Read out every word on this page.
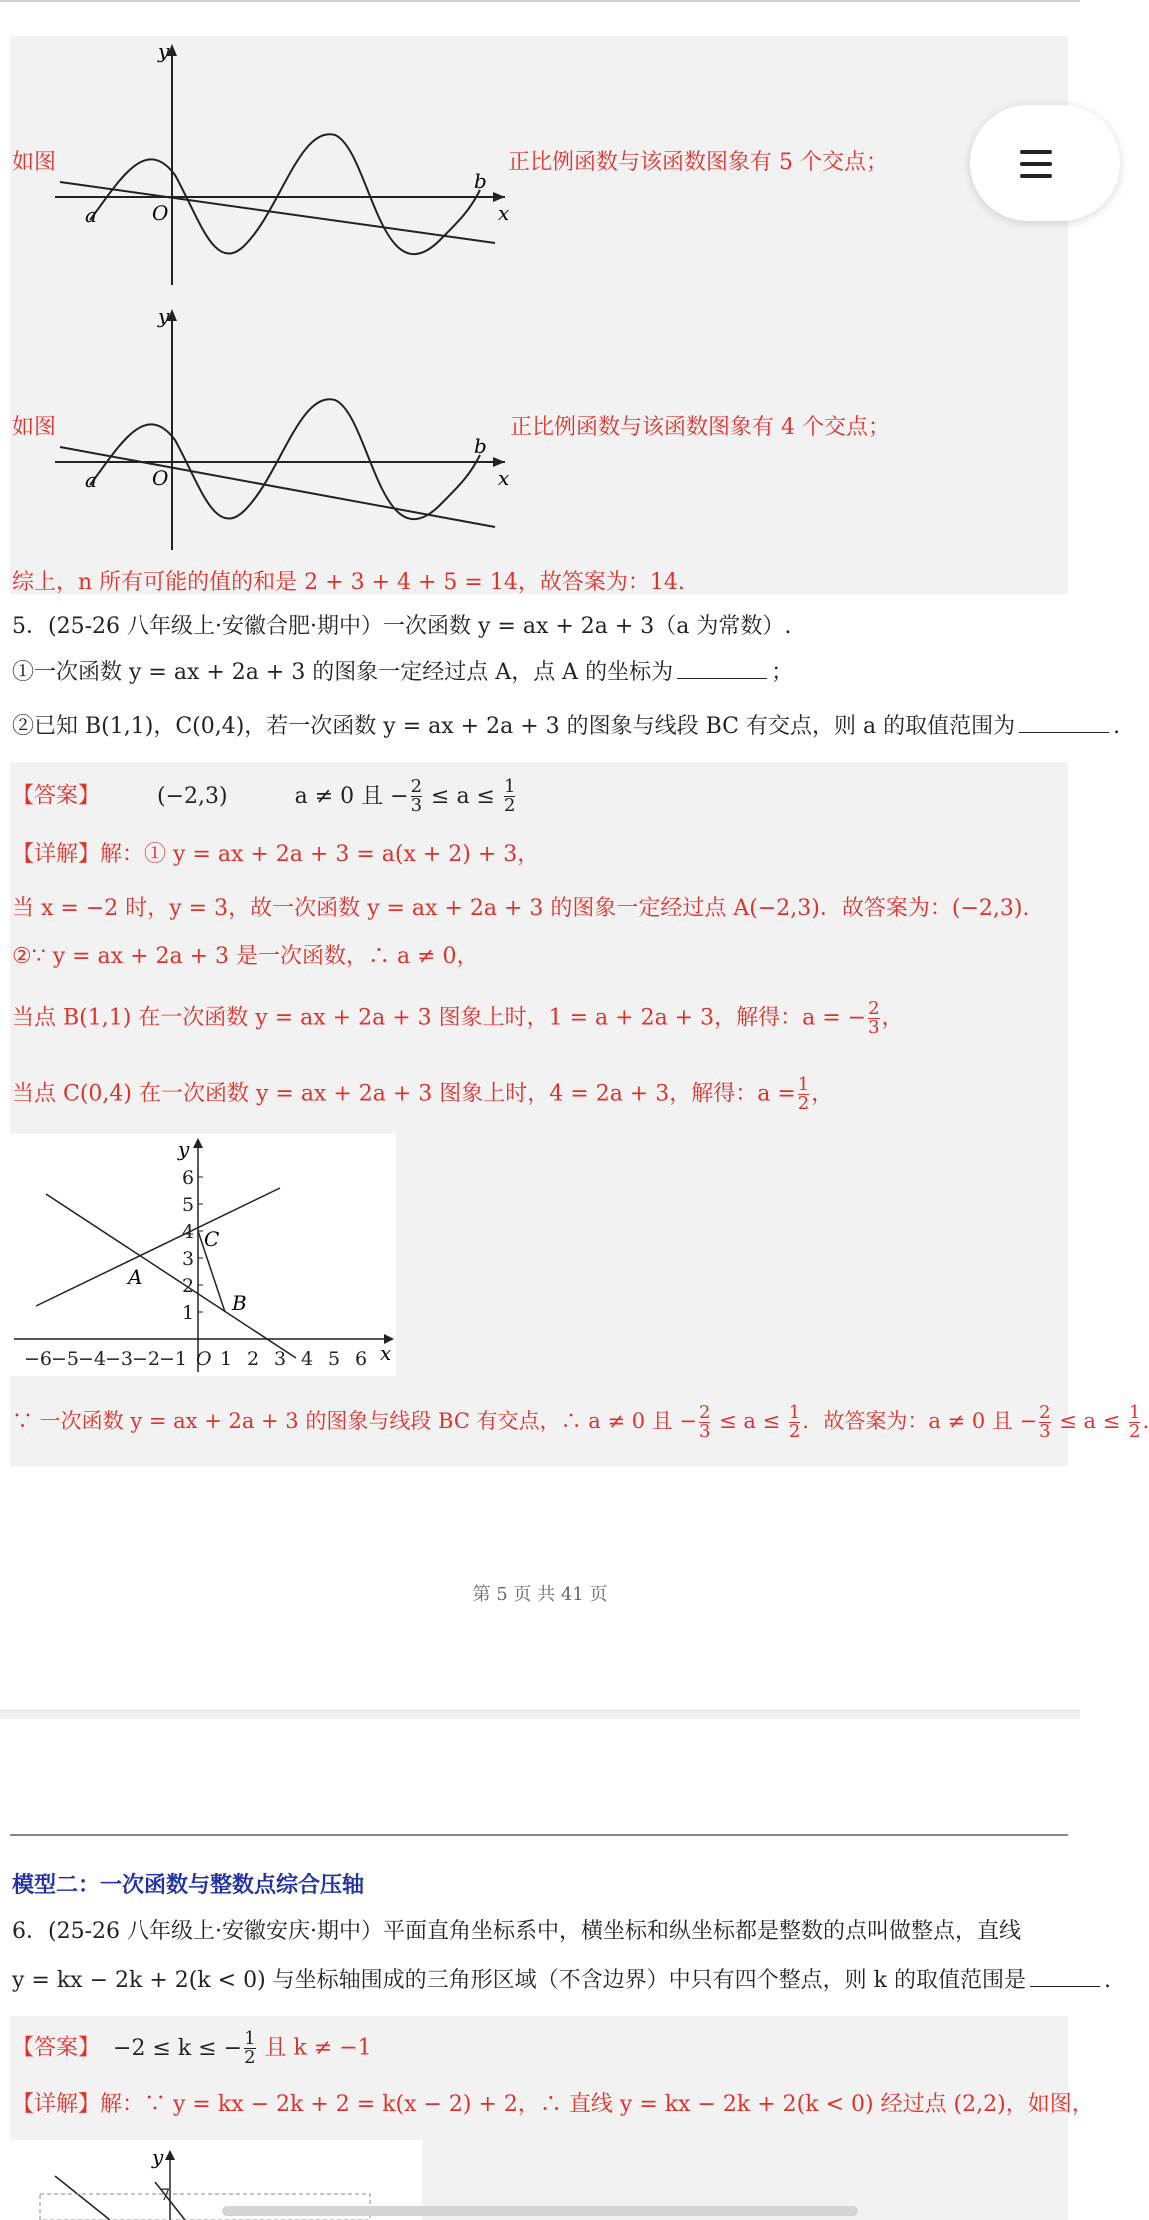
如图
y
x
a	O
b
正比例函数与该函数图象有 5 个交点；
如图
y
x
a	O
b
正比例函数与该函数图象有 4 个交点；
综上，n 所有可能的值的和是 2 + 3 + 4 + 5 = 14，故答案为：14.
5．(25-26 八年级上·安徽合肥·期中）一次函数 y = ax + 2a + 3（a 为常数）.
①一次函数 y = ax + 2a + 3 的图象一定经过点 A，点 A 的坐标为	；
②已知 B(1,1)，C(0,4)，若一次函数 y = ax + 2a + 3 的图象与线段 BC 有交点，则 a 的取值范围为	.
【答案】	(−2,3)	a ≠ 0 且 − $\frac{2}{3} \le a \le \frac{1}{2}$
【详解】解：① y = ax + 2a + 3 = a(x + 2) + 3，
当 x = −2 时，y = 3，故一次函数 y = ax + 2a + 3 的图象一定经过点 A(−2,3)．故答案为：(−2,3).
②∵ y = ax + 2a + 3 是一次函数，∴ a ≠ 0，
当点 B(1,1) 在一次函数 y = ax + 2a + 3 图象上时，1 = a + 2a + 3，解得：a = − $\frac{2}{3}$ ，
当点 C(0,4) 在一次函数 y = ax + 2a + 3 图象上时，4 = 2a + 3，解得：$a = \frac{1}{2}$ ，
y
x
A
B
C
−6
−5
−4
−3
−2
−1 O 1 2 3 4 5 6
1
2
3
4
5
6
∵ 一次函数 y = ax + 2a + 3 的图象与线段 BC 有交点，∴ a ≠ 0 且 − $\frac{2}{3} \le a \le \frac{1}{2}$ ．故答案为：a ≠ 0 且 − $\frac{2}{3} \le a \le \frac{1}{2}$ .
第 5 页 共 41 页
模型二：一次函数与整数点综合压轴
6．(25-26 八年级上·安徽安庆·期中）平面直角坐标系中，横坐标和纵坐标都是整数的点叫做整点，直线
y = kx − 2k + 2(k < 0) 与坐标轴围成的三角形区域（不含边界）中只有四个整点，则 k 的取值范围是	.
【答案】 −2 ≤ k ≤ − $\frac{1}{2}$ 且 k ≠ −1
【详解】解：∵ y = kx − 2k + 2 = k(x − 2) + 2，∴ 直线 y = kx − 2k + 2(k < 0) 经过点 (2,2)，如图，
y
7
